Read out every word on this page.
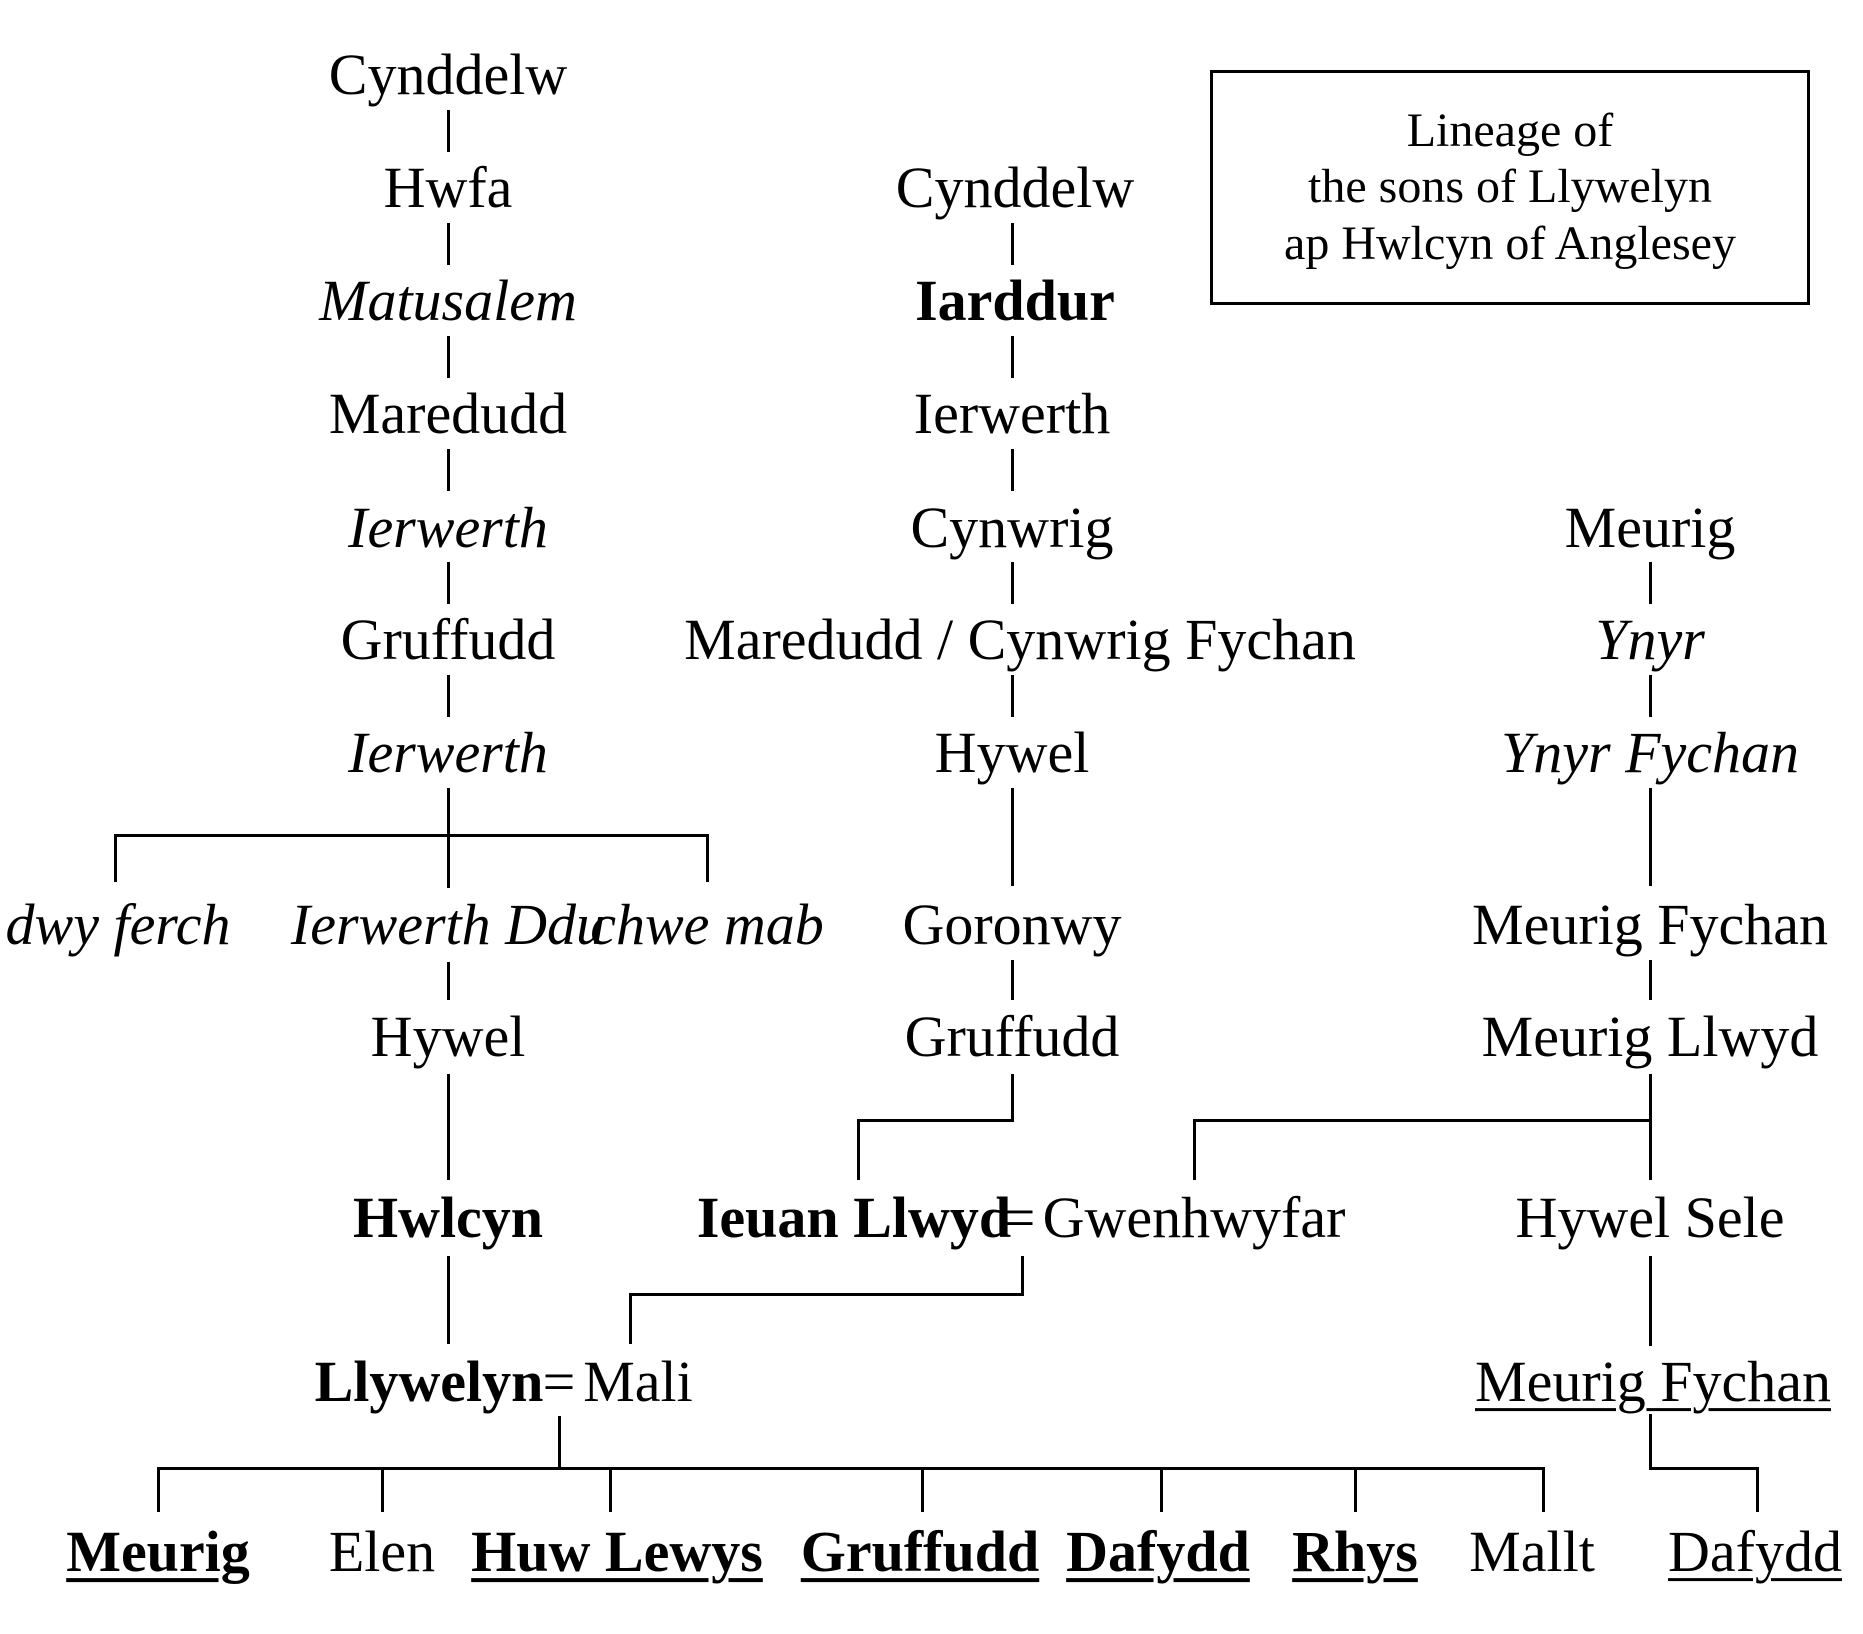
Lineage of
the sons of Llywelyn
ap Hwlcyn of Anglesey
Cynddelw
Hwfa
Matusalem
Maredudd
Ierwerth
Gruffudd
Ierwerth
dwy ferch Ierwerth Ddu
chwe mab
Hywel
Hwlcyn
Llywelyn = Mali
Cynddelw
Iarddur
Ierwerth
Cynwrig
Maredudd / Cynwrig Fychan
Hywel
Goronwy
Gruffudd
Ieuan Llwyd
= Gwenhwyfar
Meurig
Ynyr
Ynyr Fychan
Meurig Fychan
Meurig Llwyd
Hywel Sele
Meurig Fychan
Meurig Elen Huw Lewys Gruffudd Dafydd Rhys Mallt Dafydd
